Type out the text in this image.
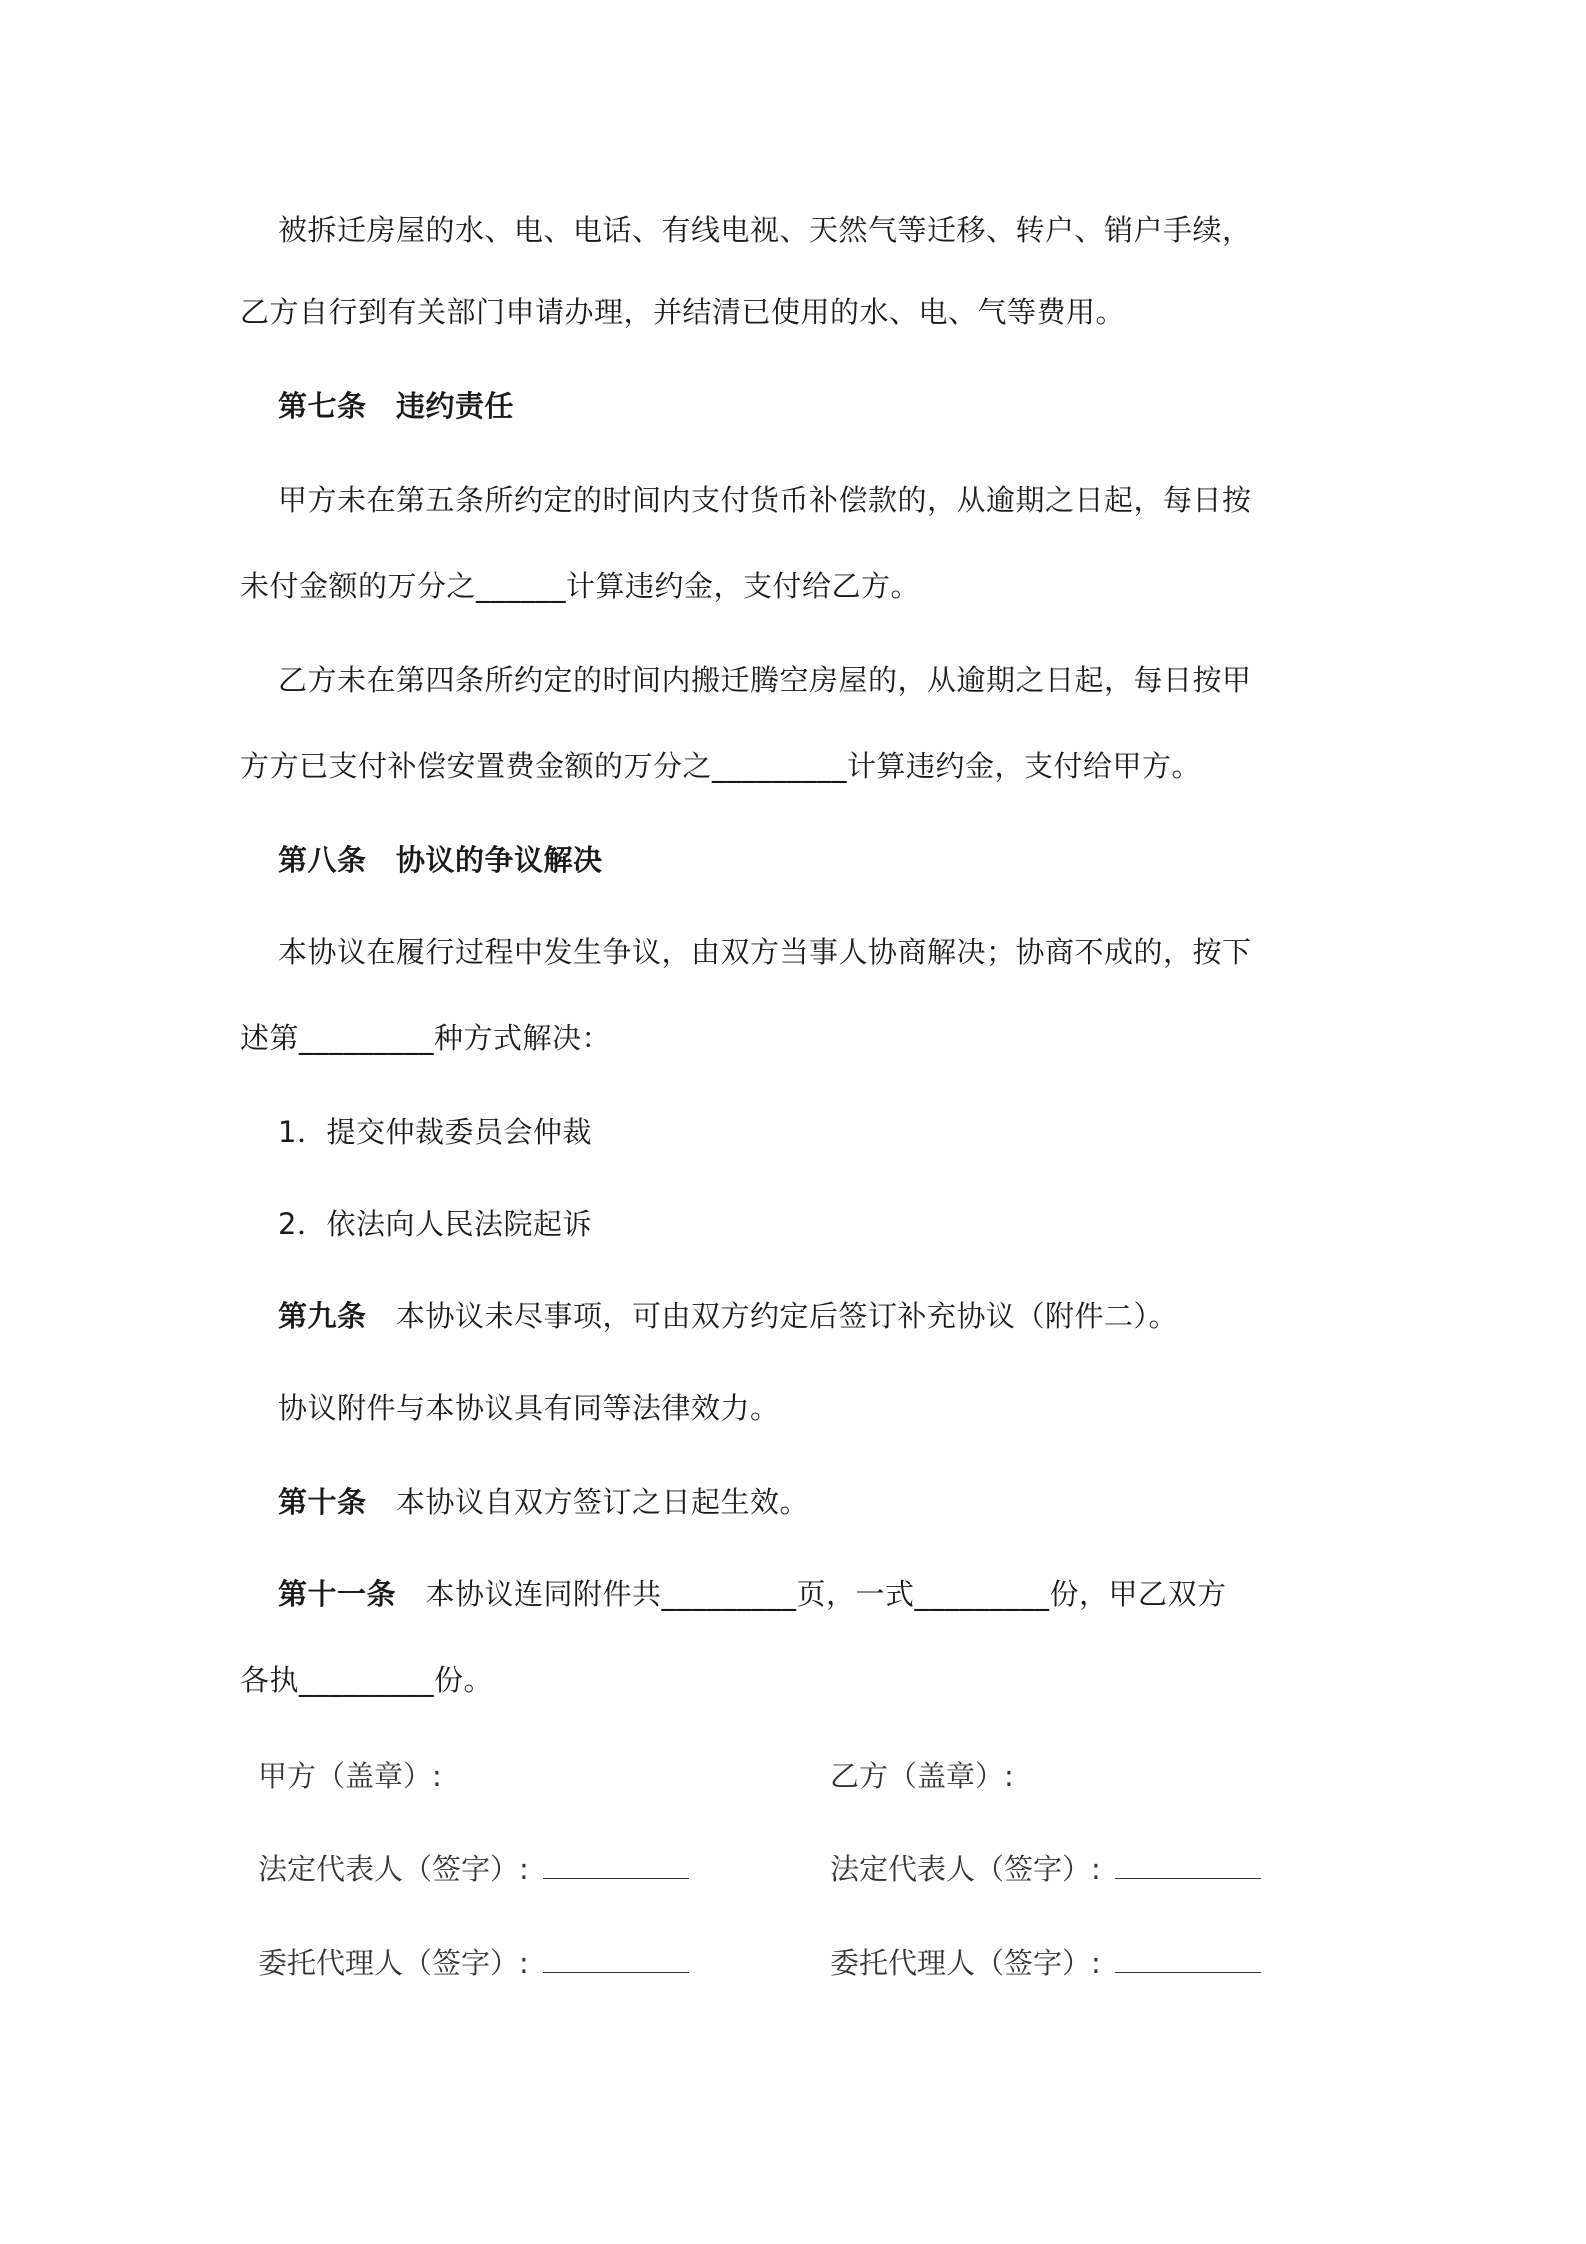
被拆迁房屋的水、电、电话、有线电视、天然气等迁移、转户、销户手续，
乙方自行到有关部门申请办理，并结清已使用的水、电、气等费用。
第七条　违约责任
甲方未在第五条所约定的时间内支付货币补偿款的，从逾期之日起，每日按
未付金额的万分之______计算违约金，支付给乙方。
乙方未在第四条所约定的时间内搬迁腾空房屋的，从逾期之日起，每日按甲
方方已支付补偿安置费金额的万分之_________计算违约金，支付给甲方。
第八条　协议的争议解决
本协议在履行过程中发生争议，由双方当事人协商解决；协商不成的，按下
述第_________种方式解决：
1．提交仲裁委员会仲裁
2．依法向人民法院起诉
第九条　本协议未尽事项，可由双方约定后签订补充协议（附件二）。
协议附件与本协议具有同等法律效力。
第十条　本协议自双方签订之日起生效。
第十一条　本协议连同附件共_________页，一式_________份，甲乙双方
各执_________份。
甲方（盖章）:	乙方（盖章）:
法定代表人（签字）:	法定代表人（签字）:
委托代理人（签字）:	委托代理人（签字）:
